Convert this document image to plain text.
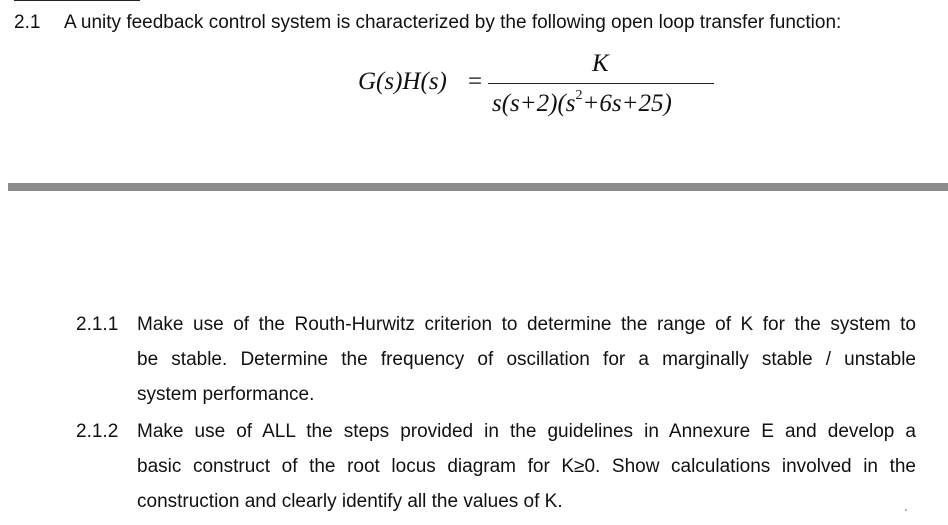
2.1 A unity feedback control system is characterized by the following open loop transfer function:
G(s)H(s) =
K
$s(s+2)(s^2+6s+25)$
2.1.1 Make use of the Routh-Hurwitz criterion to determine the range of K for the system to
be stable. Determine the frequency of oscillation for a marginally stable / unstable
system performance.
2.1.2 Make use of ALL the steps provided in the guidelines in Annexure E and develop a
basic construct of the root locus diagram for K≥0. Show calculations involved in the
construction and clearly identify all the values of K.
